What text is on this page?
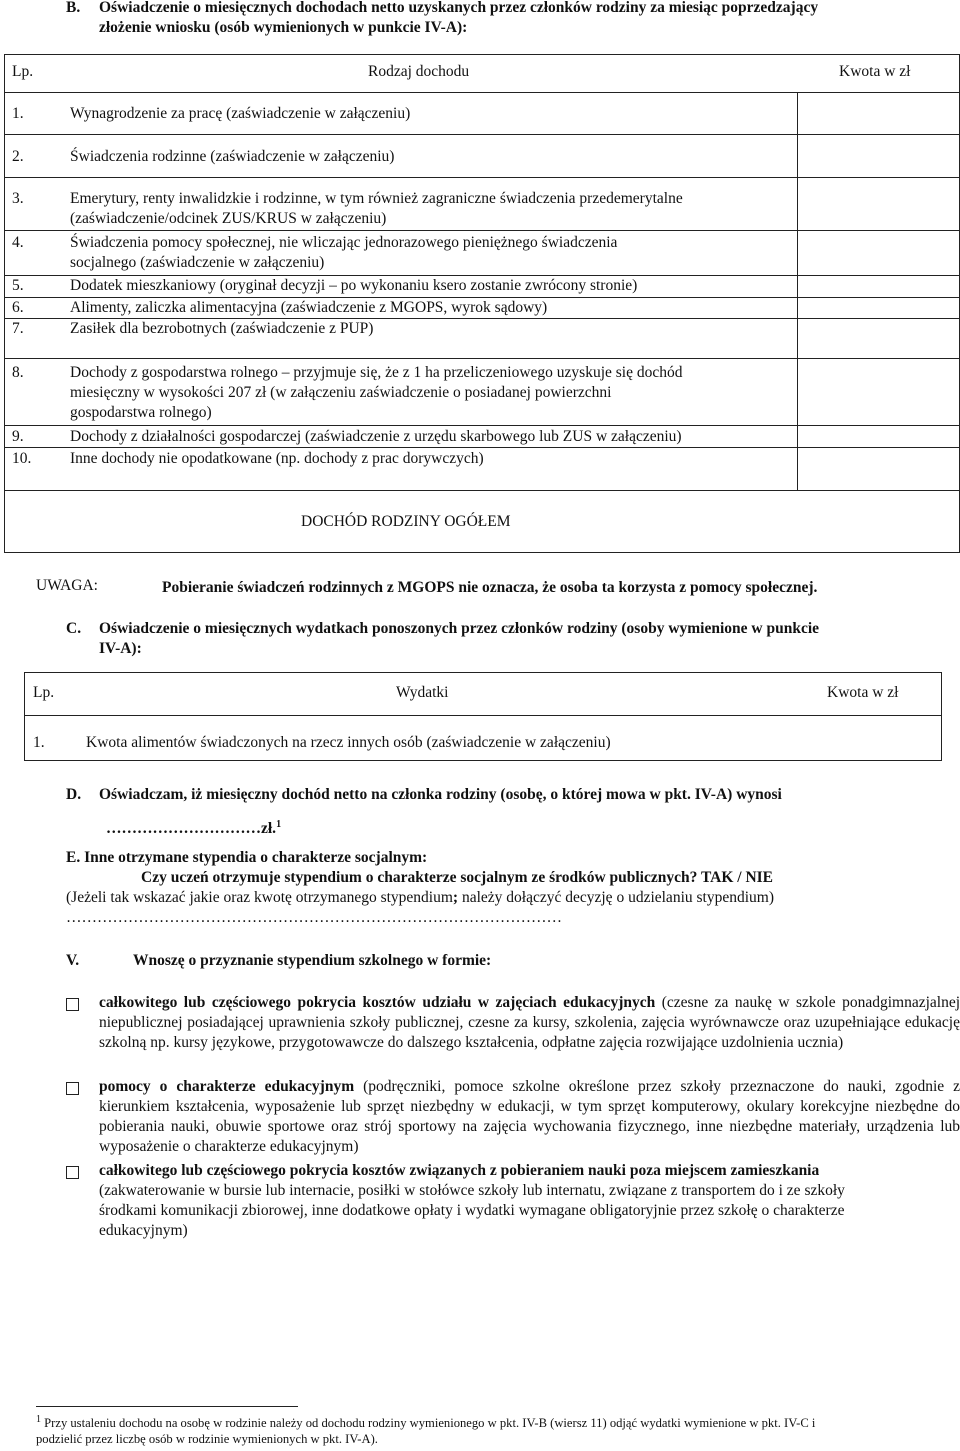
B. Oświadczenie o miesięcznych dochodach netto uzyskanych przez członków rodziny za miesiąc poprzedzający
złożenie wniosku (osób wymienionych w punkcie IV-A):
Lp.	Rodzaj dochodu	Kwota w zł
1.	Wynagrodzenie za pracę (zaświadczenie w załączeniu)
2.	Świadczenia rodzinne (zaświadczenie w załączeniu)
3.	Emerytury, renty inwalidzkie i rodzinne, w tym również zagraniczne świadczenia przedemerytalne
(zaświadczenie/odcinek ZUS/KRUS w załączeniu)
4.	Świadczenia pomocy społecznej, nie wliczając jednorazowego pieniężnego świadczenia
socjalnego (zaświadczenie w załączeniu)
5.	Dodatek mieszkaniowy (oryginał decyzji – po wykonaniu ksero zostanie zwrócony stronie)
6.	Alimenty, zaliczka alimentacyjna (zaświadczenie z MGOPS, wyrok sądowy)
7.	Zasiłek dla bezrobotnych (zaświadczenie z PUP)
8.	Dochody z gospodarstwa rolnego – przyjmuje się, że z 1 ha przeliczeniowego uzyskuje się dochód
miesięczny w wysokości 207 zł (w załączeniu zaświadczenie o posiadanej powierzchni
gospodarstwa rolnego)
9.	Dochody z działalności gospodarczej (zaświadczenie z urzędu skarbowego lub ZUS w załączeniu)
10. Inne dochody nie opodatkowane (np. dochody z prac dorywczych)
DOCHÓD RODZINY OGÓŁEM
UWAGA:	Pobieranie świadczeń rodzinnych z MGOPS nie oznacza, że osoba ta korzysta z pomocy społecznej.
C. Oświadczenie o miesięcznych wydatkach ponoszonych przez członków rodziny (osoby wymienione w punkcie
IV-A):
Lp.	Wydatki	Kwota w zł
1.	Kwota alimentów świadczonych na rzecz innych osób (zaświadczenie w załączeniu)
D. Oświadczam, iż miesięczny dochód netto na członka rodziny (osobę, o której mowa w pkt. IV-A) wynosi
…………………………zł.$^1$
E. Inne otrzymane stypendia o charakterze socjalnym:
Czy uczeń otrzymuje stypendium o charakterze socjalnym ze środków publicznych? TAK / NIE
(Jeżeli tak wskazać jakie oraz kwotę otrzymanego stypendium; należy dołączyć decyzję o udzielaniu stypendium)
……………………………………………………………………………………
V.	Wnoszę o przyznanie stypendium szkolnego w formie:
całkowitego lub częściowego pokrycia kosztów udziału w zajęciach edukacyjnych (czesne za naukę w szkole ponadgimnazjalnej niepublicznej posiadającej uprawnienia szkoły publicznej, czesne za kursy, szkolenia, zajęcia wyrównawcze oraz uzupełniające edukację szkolną np. kursy językowe, przygotowawcze do dalszego kształcenia, odpłatne zajęcia rozwijające uzdolnienia ucznia)
pomocy o charakterze edukacyjnym (podręczniki, pomoce szkolne określone przez szkoły przeznaczone do nauki, zgodnie z kierunkiem kształcenia, wyposażenie lub sprzęt niezbędny w edukacji, w tym sprzęt komputerowy, okulary korekcyjne niezbędne do pobierania nauki, obuwie sportowe oraz strój sportowy na zajęcia wychowania fizycznego, inne niezbędne materiały, urządzenia lub wyposażenie o charakterze edukacyjnym)
całkowitego lub częściowego pokrycia kosztów związanych z pobieraniem nauki poza miejscem zamieszkania (zakwaterowanie w bursie lub internacie, posiłki w stołówce szkoły lub internatu, związane z transportem do i ze szkoły środkami komunikacji zbiorowej, inne dodatkowe opłaty i wydatki wymagane obligatoryjnie przez szkołę o charakterze edukacyjnym)
$^1$ Przy ustaleniu dochodu na osobę w rodzinie należy od dochodu rodziny wymienionego w pkt. IV-B (wiersz 11) odjąć wydatki wymienione w pkt. IV-C i
podzielić przez liczbę osób w rodzinie wymienionych w pkt. IV-A).
